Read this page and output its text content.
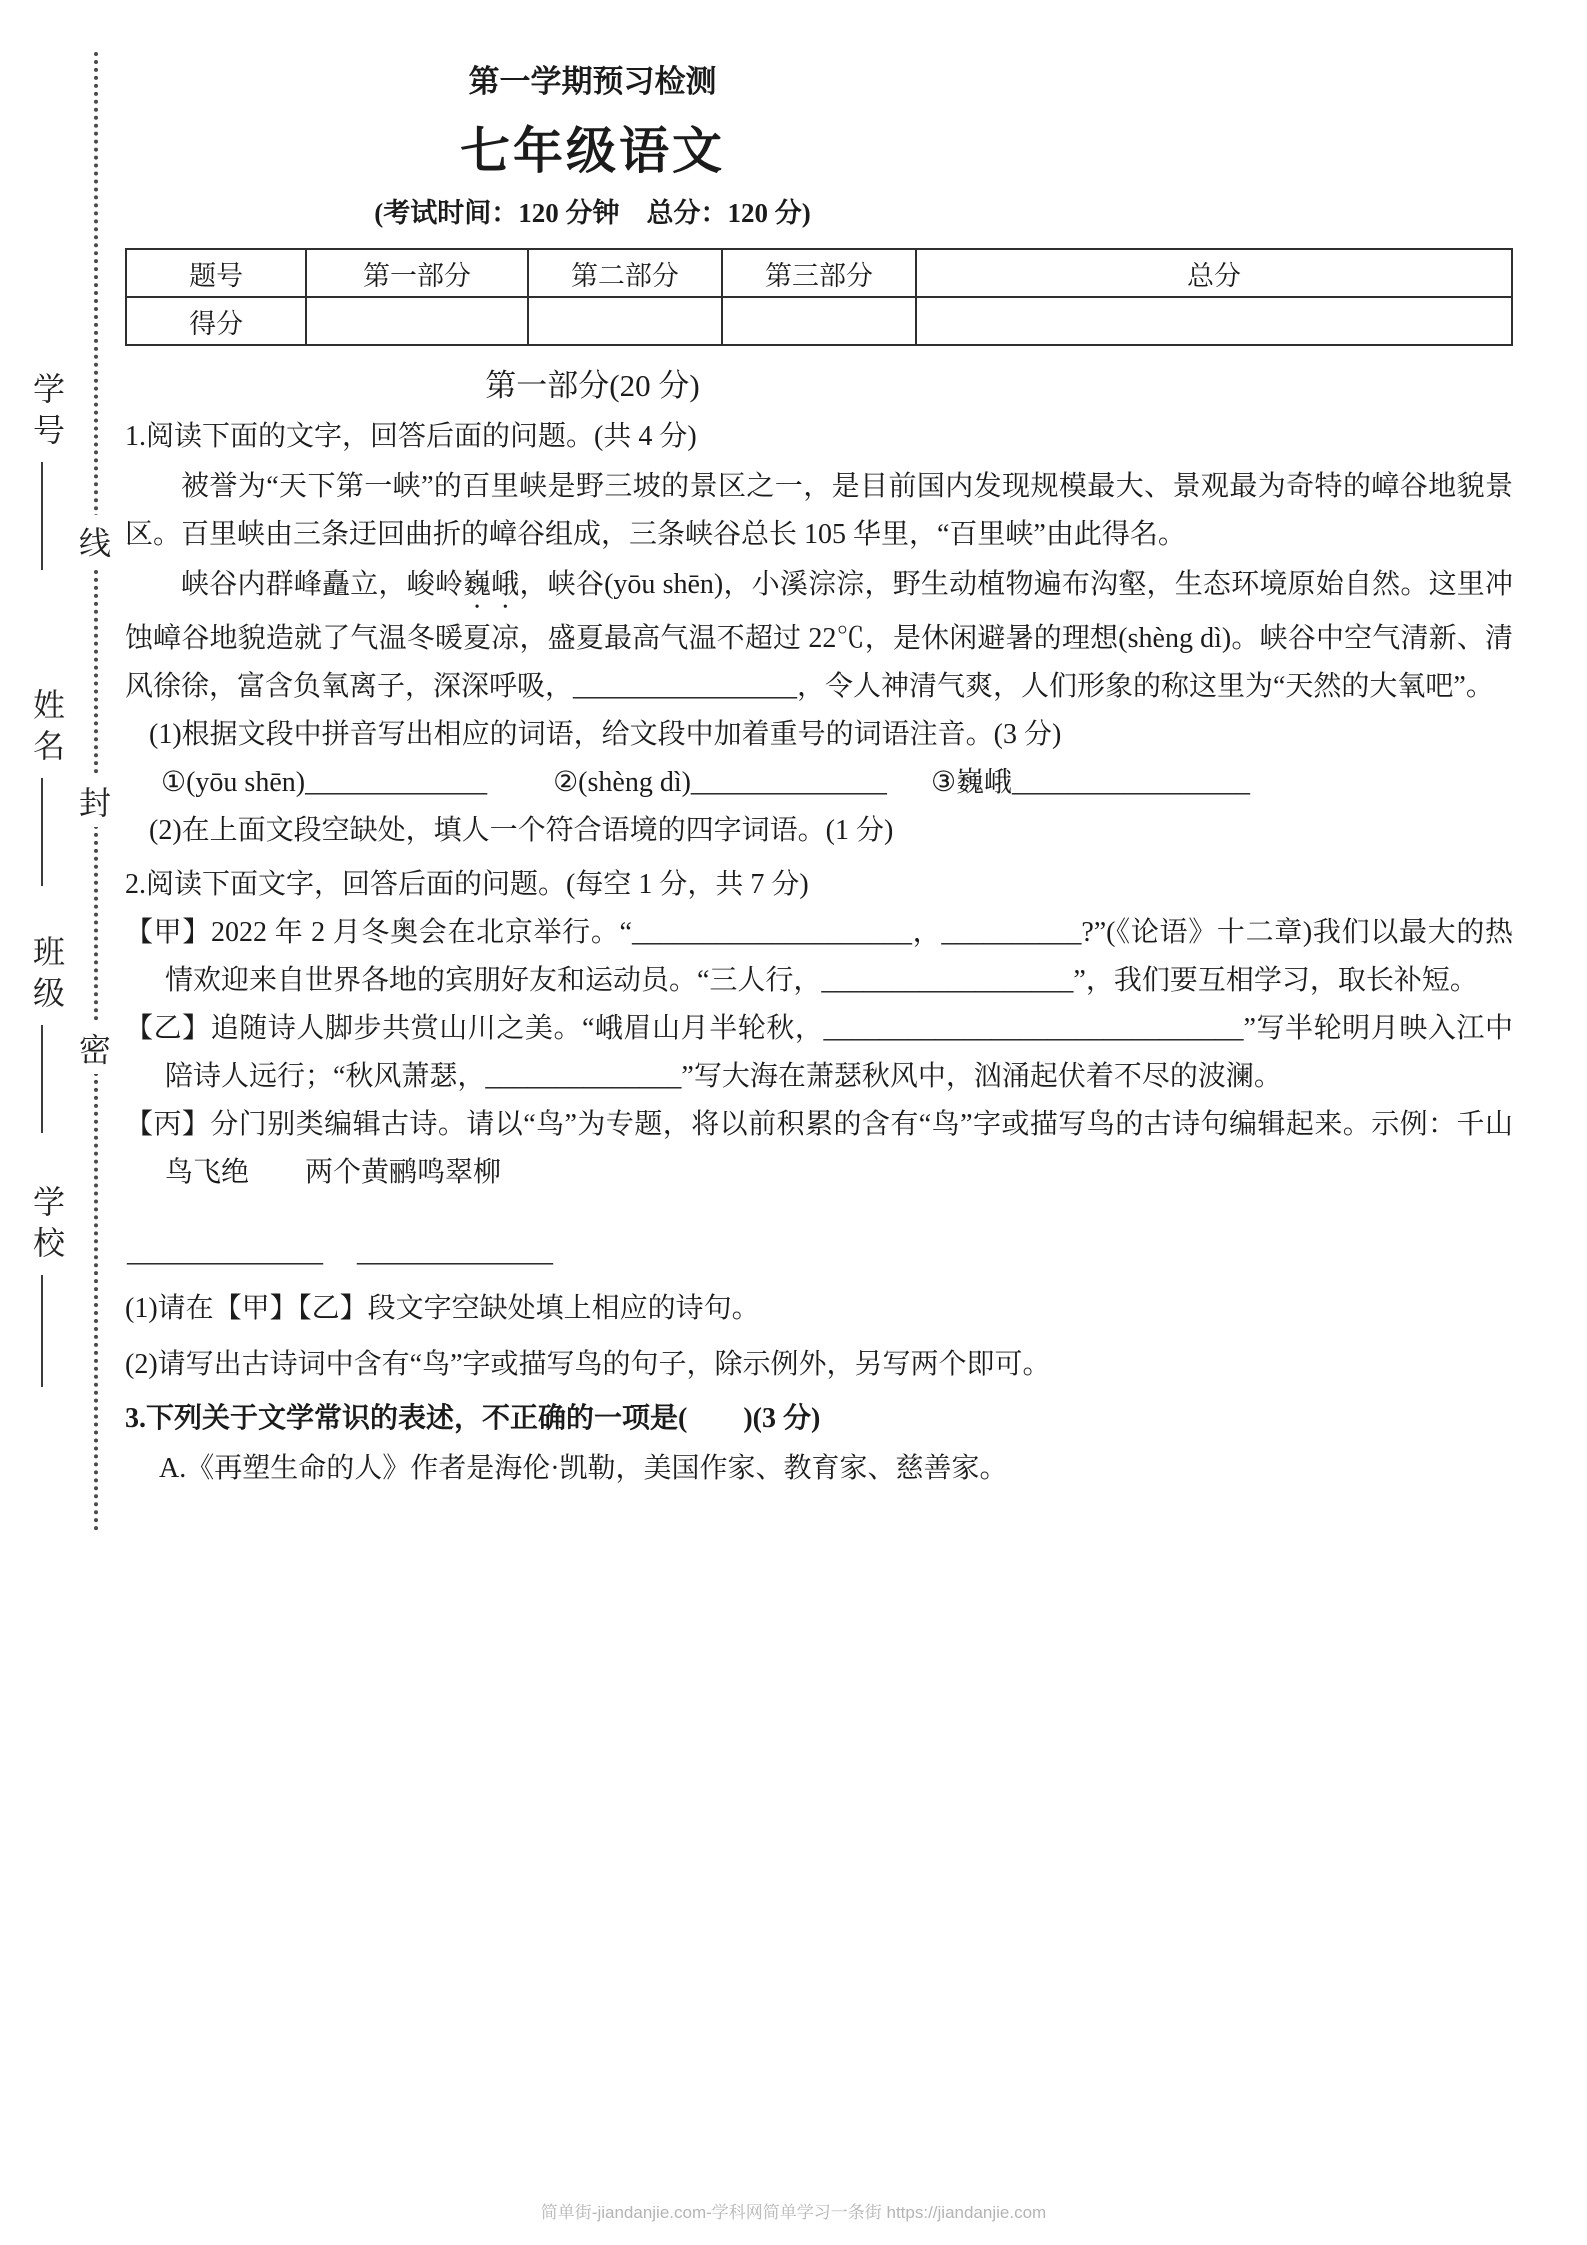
学号
姓名
班级
学校
线
封
密
第一学期预习检测
七年级语文
(考试时间：120 分钟　总分：120 分)
题号	第一部分	第二部分	第三部分	总分
得分				
第一部分(20 分)

1.阅读下面的文字，回答后面的问题。(共 4 分)

被誉为“天下第一峡”的百里峡是野三坡的景区之一，是目前国内发现规模最大、景观最为奇特的嶂谷地貌景区。百里峡由三条迂回曲折的嶂谷组成，三条峡谷总长 105 华里，“百里峡”由此得名。

峡谷内群峰矗立，峻岭巍峨，峡谷(yōu shēn)，小溪淙淙，野生动植物遍布沟壑，生态环境原始自然。这里冲蚀嶂谷地貌造就了气温冬暖夏凉，盛夏最高气温不超过 22℃，是休闲避暑的理想(shèng dì)。峡谷中空气清新、清风徐徐，富含负氧离子，深深呼吸，________________，令人神清气爽，人们形象的称这里为“天然的大氧吧”。

(1)根据文段中拼音写出相应的词语，给文段中加着重号的词语注音。(3 分)

①(yōu shēn)_____________ ②(shèng dì)______________ ③巍峨_________________

(2)在上面文段空缺处，填人一个符合语境的四字词语。(1 分)

2.阅读下面文字，回答后面的问题。(每空 1 分，共 7 分)

【甲】2022 年 2 月冬奥会在北京举行。“____________________，__________?”(《论语》十二章)我们以最大的热情欢迎来自世界各地的宾朋好友和运动员。“三人行，__________________”，我们要互相学习，取长补短。

【乙】追随诗人脚步共赏山川之美。“峨眉山月半轮秋，______________________________”写半轮明月映入江中陪诗人远行；“秋风萧瑟，______________”写大海在萧瑟秋风中，汹涌起伏着不尽的波澜。

【丙】分门别类编辑古诗。请以“鸟”为专题，将以前积累的含有“鸟”字或描写鸟的古诗句编辑起来。示例：千山鸟飞绝　　两个黄鹂鸣翠柳

______________ ______________

(1)请在【甲】【乙】段文字空缺处填上相应的诗句。

(2)请写出古诗词中含有“鸟”字或描写鸟的句子，除示例外，另写两个即可。

3.下列关于文学常识的表述，不正确的一项是(　　)(3 分)

A.《再塑生命的人》作者是海伦·凯勒，美国作家、教育家、慈善家。

简单街-jiandanjie.com-学科网简单学习一条街 https://jiandanjie.com
